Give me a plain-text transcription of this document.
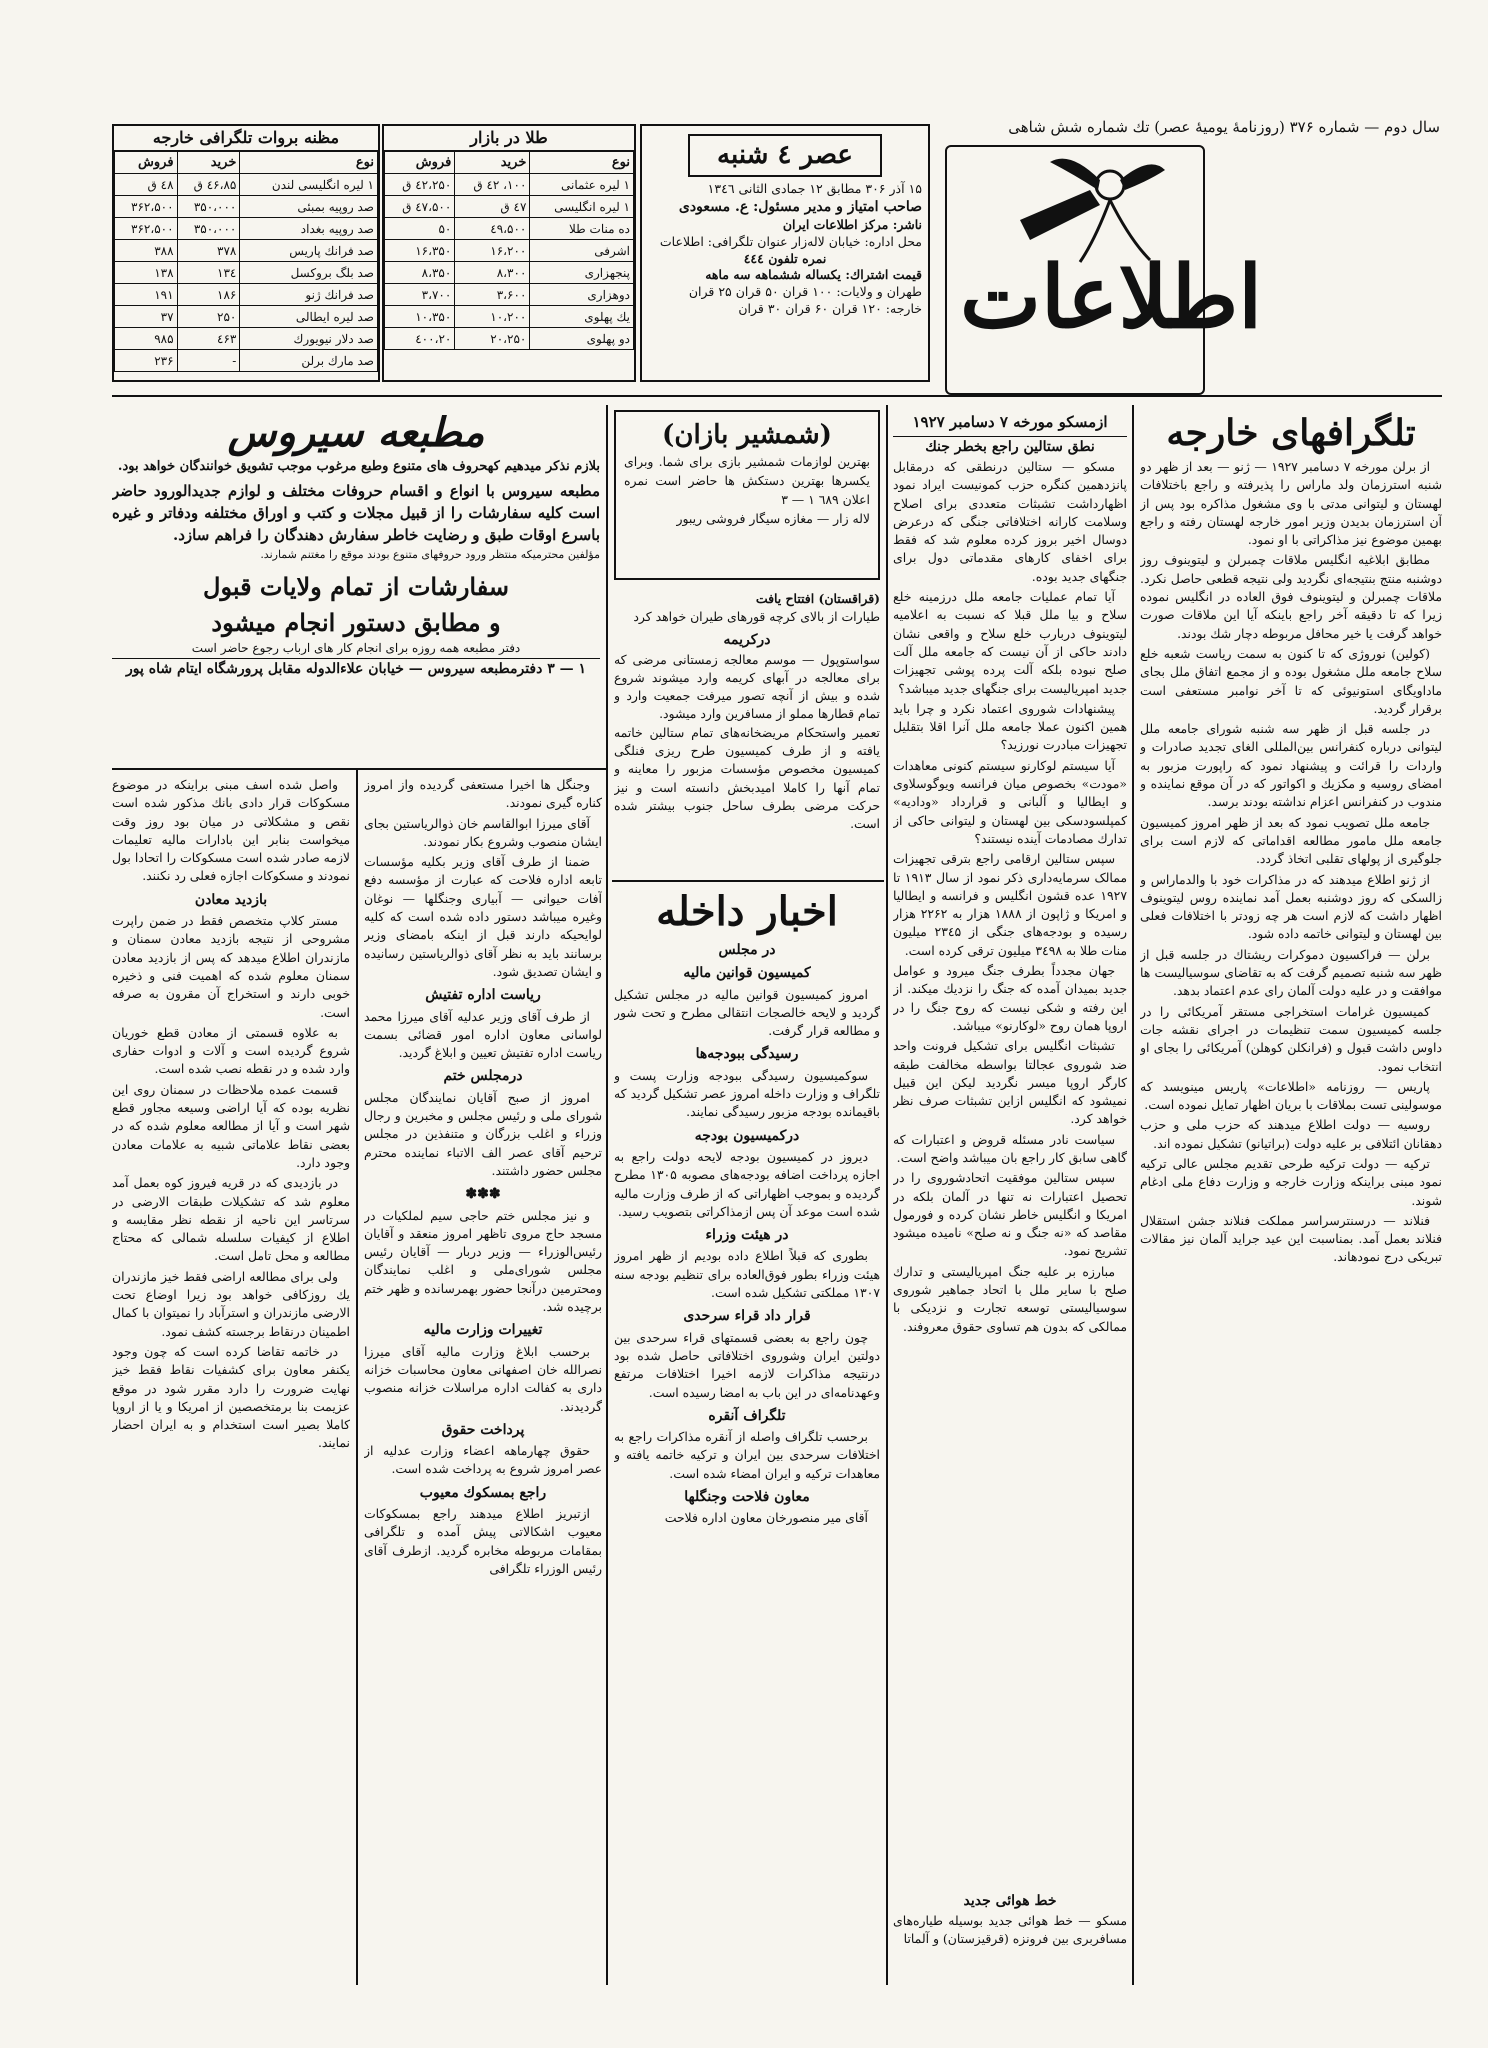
سال دوم — شماره ۳۷۶ (روزنامهٔ یومیهٔ عصر) تك شماره شش شاهی
اطلاعات
عصر ٤ شنبه
۱۵ آذر ۳۰۶ مطابق ۱۲ جمادی الثانی ۱۳٤٦
صاحب امتیاز و مدیر مسئول: ع. مسعودی
ناشر: مرکز اطلاعات ایران
محل اداره: خیابان لاله‌زار عنوان تلگرافی: اطلاعات
نمره تلفون ٤٤٤
قیمت اشتراك: یکساله ششماهه سه ماهه
طهران و ولایات: ۱۰۰ قران ۵۰ قران ۲۵ قران
خارجه: ۱۲۰ قران ۶۰ قران ۳۰ قران
طلا در بازار
نوع	خرید	فروش
۱ لیره عثمانی	۱۰۰، ٤۲ ق	٤۲،۲۵۰ ق
۱ لیره انگلیسی	٤۷ ق	٤۷،۵۰۰ ق
ده منات طلا	٤۹،۵۰۰	۵۰
اشرفی	۱۶،۲۰۰	۱۶،۳۵۰
پنجهزاری	۸،۳۰۰	۸،۳۵۰
دوهزاری	۳،۶۰۰	۳،۷۰۰
یك پهلوی	۱۰،۲۰۰	۱۰،۳۵۰
دو پهلوی	۲۰،۲۵۰	۲۰،٤۰۰
مظنه بروات تلگرافی خارجه
نوع	خرید	فروش
۱ لیره انگلیسی لندن	٤۶،۸۵ ق	٤۸ ق
صد روپیه بمبئی	۳۵۰،۰۰۰	۳۶۲،۵۰۰
صد روپیه بغداد	۳۵۰،۰۰۰	۳۶۲،۵۰۰
صد فرانك پاریس	۳۷۸	۳۸۸
صد بلگ بروکسل	۱۳٤	۱۳۸
صد فرانك ژنو	۱۸۶	۱۹۱
صد لیره ایطالی	۲۵۰	۳۷
صد دلار نیویورك	٤۶۳	۹۸۵
صد مارك برلن	-	۲۳۶
تلگرافهای خارجه

از برلن مورخه ۷ دسامبر ۱۹۲۷ — ژنو — بعد از ظهر دو شنبه استرزمان ولد ماراس را پذیرفته و راجع باختلافات لهستان و لیتوانی مدتی با وی مشغول مذاکره بود پس از آن استرزمان بدیدن وزیر امور خارجه لهستان رفته و راجع بهمین موضوع نیز مذاکراتی با او نمود.

مطابق ابلاغیه انگلیس ملاقات چمبرلن و لیتوینوف روز دوشنبه منتج بنتیجه‌ای نگردید ولی نتیجه قطعی حاصل نکرد. ملاقات چمبرلن و لیتوینوف فوق العاده در انگلیس نموده زیرا که تا دقیقه آخر راجع باینکه آیا این ملاقات صورت خواهد گرفت یا خیر محافل مربوطه دچار شك بودند.

(کولین) نوروژی که تا کنون به سمت ریاست شعبه خلع سلاح جامعه ملل مشغول بوده و از مجمع اتفاق ملل بجای ماداویگای استونیوئی که تا آخر نوامبر مستعفی است برقرار گردید.

در جلسه قبل از ظهر سه شنبه شورای جامعه ملل لیتوانی درباره کنفرانس بین‌المللی الغای تجدید صادرات و واردات را قرائت و پیشنهاد نمود که راپورت مزبور به امضای روسیه و مکزیك و اکواتور که در آن موقع نماینده و مندوب در کنفرانس اعزام نداشته بودند برسد.

جامعه ملل تصویب نمود که بعد از ظهر امروز کمیسیون جامعه ملل مامور مطالعه اقداماتی که لازم است برای جلوگیری از پولهای تقلبی اتخاذ گردد.

از ژنو اطلاع میدهند که در مذاکرات خود با والدماراس و زالسکی که روز دوشنبه بعمل آمد نماینده روس لیتوینوف اظهار داشت که لازم است هر چه زودتر با اختلافات فعلی بین لهستان و لیتوانی خاتمه داده شود.

برلن — فراکسیون دموکرات ریشتاك در جلسه قبل از ظهر سه شنبه تصمیم گرفت که به تقاضای سوسیالیست ها موافقت و در علیه دولت آلمان رای عدم اعتماد بدهد.

کمیسیون غرامات استخراجی مستقر آمریکائی را در جلسه کمیسیون سمت تنظیمات در اجرای نقشه جات داوس داشت قبول و (فرانکلن کوهلن) آمریکائی را بجای او انتخاب نمود.

پاریس — روزنامه «اطلاعات» پاریس مینویسد که موسولینی تست بملاقات با بریان اظهار تمایل نموده است.

روسیه — دولت اطلاع میدهند که حزب ملی و حزب دهقانان ائتلافی بر علیه دولت (براتیانو) تشکیل نموده اند.

ترکیه — دولت ترکیه طرحی تقدیم مجلس عالی ترکیه نمود مبنی براینکه وزارت خارجه و وزارت دفاع ملی ادغام شوند.

فنلاند — درسنترسراسر مملکت فنلاند جشن استقلال فنلاند بعمل آمد. بمناسبت این عید جراید آلمان نیز مقالات تبریکی درج نمودهاند.

ازمسکو مورخه ۷ دسامبر ۱۹۲۷
نطق ستالین راجع بخطر جنك

مسکو — ستالین درنطقی که درمقابل پانزدهمین کنگره حزب کمونیست ایراد نمود اظهارداشت تشبثات متعددی برای اصلاح وسلامت کارانه اختلافاتی جنگی که درعرض دوسال اخیر بروز کرده معلوم شد که فقط برای اخفای کارهای مقدماتی دول برای جنگهای جدید بوده.

آیا تمام عملیات جامعه ملل درزمینه خلع سلاح و بیا ملل قبلا که نسبت به اعلامیه لیتوینوف دربارب خلع سلاح و واقعی نشان دادند حاکی از آن نیست که جامعه ملل آلت صلح نبوده بلکه آلت پرده پوشی تجهیزات جدید امپریالیست برای جنگهای جدید میباشد؟

پیشنهادات شوروی اعتماد نکرد و چرا باید همین اکنون عملا جامعه ملل آنرا اقلا بتقلیل تجهیزات مبادرت نورزید؟

آیا سیستم لوکارنو سیستم کنونی معاهدات «مودت» بخصوص میان فرانسه ویوگوسلاوی و ایطالیا و آلبانی و قرارداد «ودادیه» کمپلسودسکی بین لهستان و لیتوانی حاکی از تدارك مصادمات آینده نیستند؟

سپس ستالین ارقامی راجع بترقی تجهیزات ممالک سرمایه‌داری ذکر نمود از سال ۱۹۱۳ تا ۱۹۲۷ عده قشون انگلیس و فرانسه و ایطالیا و امریکا و ژاپون از ۱۸۸۸ هزار به ۲۲۶۲ هزار رسیده و بودجه‌های جنگی از ۲۳٤۵ میلیون منات طلا به ۳٤۹۸ میلیون ترقی کرده است.

جهان مجدداً بطرف جنگ میرود و عوامل جدید بمیدان آمده که جنگ را نزدیك میکند. از این رفته و شکی نیست که روح جنگ را در اروپا همان روح «لوکارنو» میباشد.

تشبثات انگلیس برای تشکیل فرونت واحد ضد شوروی عجالتا بواسطه مخالفت طبقه کارگر اروپا میسر نگردید لیکن این قبیل نمیشود که انگلیس ازاین تشبثات صرف نظر خواهد کرد.

سیاست نادر مسئله قروض و اعتبارات که گاهی سابق کار راجع بان میباشد واضح است.

سپس ستالین موفقیت اتحادشوروی را در تحصیل اعتبارات نه تنها در آلمان بلکه در امریکا و انگلیس خاطر نشان کرده و فورمول مقاصد که «نه جنگ و نه صلح» نامیده میشود تشریح نمود.

مبارزه بر علیه جنگ امپریالیستی و تدارك صلح با سایر ملل با اتحاد جماهیر شوروی سوسیالیستی توسعه تجارت و نزدیکی با ممالکی که بدون هم تساوی حقوق معروفند.

خط هوائی جدید
مسکو — خط هوائی جدید بوسیله طیاره‌های مسافربری بین فرونزه (قرقیزستان) و آلماتا
(شمشیر بازان)
بهترین لوازمات شمشیر بازی برای شما. وبرای یکسرها بهترین دستکش ها حاضر است نمره اعلان ٦٨٩ ۱ — ۳
لاله زار — مغازه سیگار فروشی ریبور
(قراقستان) افتتاح یافت
طیارات از بالای کرچه قورهای طیران خواهد کرد
درکریمه
سواستوپول — موسم معالجه زمستانی مرضی که برای معالجه در آبهای کریمه وارد میشوند شروع شده و بیش از آنچه تصور میرفت جمعیت وارد و تمام قطارها مملو از مسافرین وارد میشود.
تعمیر واستحکام مریضخانه‌های تمام ستالین خاتمه یافته و از طرف کمیسیون طرح ریزی فنلگی کمیسیون مخصوص مؤسسات مزبور را معاینه و تمام آنها را کاملا امیدبخش دانسته است و نیز حرکت مرضی بطرف ساحل جنوب بیشتر شده است.
اخبار داخله
در مجلس
کمیسیون قوانین مالیه

امروز کمیسیون قوانین مالیه در مجلس تشکیل گردید و لایحه خالصجات انتقالی مطرح و تحت شور و مطالعه قرار گرفت.

رسیدگی ببودجه‌ها

سوکمیسیون رسیدگی ببودجه وزارت پست و تلگراف و وزارت داخله امروز عصر تشکیل گردید که باقیمانده بودجه مزبور رسیدگی نمایند.

درکمیسیون بودجه

دیروز در کمیسیون بودجه لایحه دولت راجع به اجازه پرداخت اضافه بودجه‌های مصوبه ۱۳۰۵ مطرح گردیده و بموجب اظهاراتی که از طرف وزارت مالیه شده است موعد آن پس ازمذاکراتی بتصویب رسید.

در هیئت وزراء

بطوری که قبلاً اطلاع داده بودیم از ظهر امروز هیئت وزراء بطور فوق‌العاده برای تنظیم بودجه سنه ۱۳۰۷ مملکتی تشکیل شده است.

قرار داد قراء سرحدی

چون راجع به بعضی قسمتهای قراء سرحدی بین دولتین ایران وشوروی اختلافاتی حاصل شده بود درنتیجه مذاکرات لازمه اخیرا اختلافات مرتفع وعهدنامه‌ای در این باب به امضا رسیده است.

تلگراف آنقره

برحسب تلگراف واصله از آنقره مذاکرات راجع به اختلافات سرحدی بین ایران و ترکیه خاتمه یافته و معاهدات ترکیه و ایران امضاء شده است.

معاون فلاحت وجنگلها

آقای میر منصورخان معاون اداره فلاحت

مطبعه سیروس
بلازم نذکر میدهیم کهحروف های متنوع وطبع مرغوب موجب تشویق خوانندگان خواهد بود.
مطبعه سیروس با انواع و اقسام حروفات مختلف و لوازم جدیدالورود حاضر است کلیه سفارشات را از قبیل مجلات و کتب و اوراق مختلفه ودفاتر و غیره باسرع اوقات طبق و رضایت خاطر سفارش دهندگان را فراهم سازد.
مؤلفین محترمیکه منتظر ورود حروفهای متنوع بودند موقع را مغتنم شمارند.
سفارشات از تمام ولایات قبول
و مطابق دستور انجام میشود
دفتر مطبعه همه روزه برای انجام کار های ارباب رجوع حاضر است
۱ — ۳ دفترمطبعه سیروس — خیابان علاءالدوله مقابل پرورشگاه ایتام شاه پور

وجنگل ها اخیرا مستعفی گردیده واز امروز کناره گیری نمودند.

آقای میرزا ابوالقاسم خان ذوالریاستین بجای ایشان منصوب وشروع بکار نمودند.

ضمنا از طرف آقای وزیر بکلیه مؤسسات تابعه اداره فلاحت که عبارت از مؤسسه دفع آفات حیوانی — آبیاری وجنگلها — نوغان وغیره میباشد دستور داده شده است که کلیه لوایحیکه دارند قبل از اینکه بامضای وزیر برسانند باید به نظر آقای ذوالریاستین رسانیده و ایشان تصدیق شود.

ریاست اداره تفتیش

از طرف آقای وزیر عدلیه آقای میرزا محمد لواسانی معاون اداره امور قضائی بسمت ریاست اداره تفتیش تعیین و ابلاغ گردید.

درمجلس ختم

امروز از صبح آقایان نمایندگان مجلس شورای ملی و رئیس مجلس و مخبرین و رجال وزراء و اغلب بزرگان و متنفذین در مجلس ترحیم آقای عصر الف الاتباء نماینده محترم مجلس حضور داشتند.

✽✽✽

و نیز مجلس ختم حاجی سیم لملکیات در مسجد حاج مروی تاظهر امروز منعقد و آقایان رئیس‌الوزراء — وزیر دربار — آقایان رئیس مجلس شورای‌ملی و اغلب نمایندگان ومحترمین درآنجا حضور بهمرسانده و ظهر ختم برچیده شد.

تغییرات وزارت مالیه

برحسب ابلاغ وزارت مالیه آقای میرزا نصرالله خان اصفهانی معاون محاسبات خزانه داری به کفالت اداره مراسلات خزانه منصوب گردیدند.

پرداخت حقوق

حقوق چهارماهه اعضاء وزارت عدلیه از عصر امروز شروع به پرداخت شده است.

راجع بمسکوك معیوب

ازتبریز اطلاع میدهند راجع بمسکوکات معیوب اشکالاتی پیش آمده و تلگرافی بمقامات مربوطه مخابره گردید. ازطرف آقای رئیس الوزراء تلگرافی

واصل شده اسف مبنی براینکه در موضوع مسکوکات قرار دادی بانك مذکور شده است نقص و مشکلاتی در میان بود روز وقت میخواست بنابر این بادارات مالیه تعلیمات لازمه صادر شده است مسکوکات را اتحادا بول نمودند و مسکوکات اجازه فعلی رد نکنند.

بازدید معادن

مستر کلاپ متخصص فقط در ضمن راپرت مشروحی از نتیجه بازدید معادن سمنان و مازندران اطلاع میدهد که پس از بازدید معادن سمنان معلوم شده که اهمیت فنی و ذخیره خوبی دارند و استخراج آن مقرون به صرفه است.

به علاوه قسمتی از معادن قطع خوریان شروع گردیده است و آلات و ادوات حفاری وارد شده و در نقطه نصب شده است.

قسمت عمده ملاحظات در سمنان روی این نظریه بوده که آیا اراضی وسیعه مجاور قطع شهر است و آیا از مطالعه معلوم شده که در بعضی نقاط علاماتی شبیه به علامات معادن وجود دارد.

در بازدیدی که در قریه فیروز کوه بعمل آمد معلوم شد که تشکیلات طبقات الارضی در سرتاسر این ناحیه از نقطه نظر مقایسه و اطلاع از کیفیات سلسله شمالی که محتاج مطالعه و محل تامل است.

ولی برای مطالعه اراضی فقط خیز مازندران یك روزکافی خواهد بود زیرا اوضاع تحت الارضی مازندران و استرآباد را نمیتوان با کمال اطمینان درنقاط برجسته کشف نمود.

در خاتمه تقاضا کرده است که چون وجود یکنفر معاون برای کشفیات نقاط فقط خیز نهایت ضرورت را دارد مقرر شود در موقع عزیمت بنا برمتخصصین از امریکا و یا از اروپا کاملا بصیر است استخدام و به ایران احضار نمایند.
